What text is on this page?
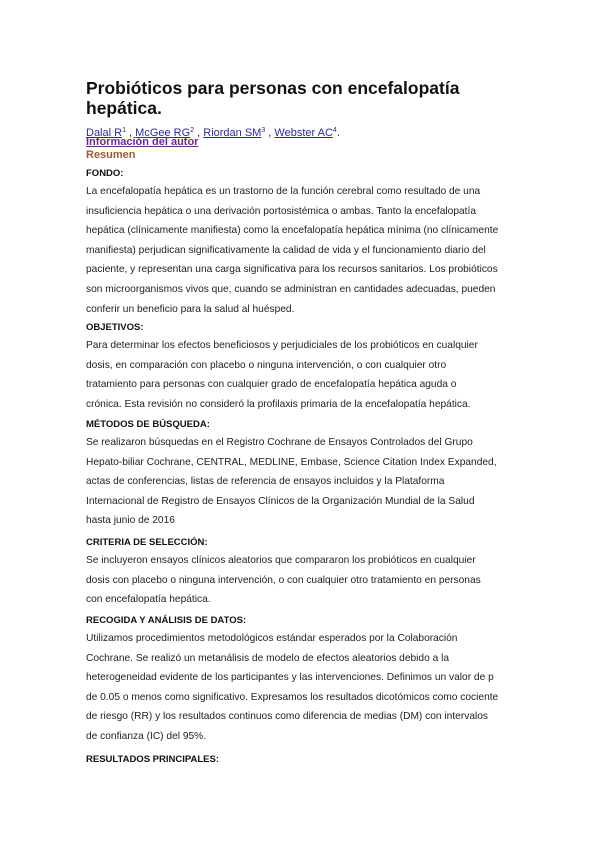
Probióticos para personas con encefalopatía
hepática.
Dalal $R^1$ , McGee $RG^2$ , Riordan $SM^3$ , Webster $AC^4$.
Información del autor
Resumen
FONDO:
La encefalopatía hepática es un trastorno de la función cerebral como resultado de una
insuficiencia hepática o una derivación portosistémica o ambas. Tanto la encefalopatía
hepática (clínicamente manifiesta) como la encefalopatía hepática mínima (no clínicamente
manifiesta) perjudican significativamente la calidad de vida y el funcionamiento diario del
paciente, y representan una carga significativa para los recursos sanitarios. Los probióticos
son microorganismos vivos que, cuando se administran en cantidades adecuadas, pueden
conferir un beneficio para la salud al huésped.
OBJETIVOS:
Para determinar los efectos beneficiosos y perjudiciales de los probióticos en cualquier
dosis, en comparación con placebo o ninguna intervención, o con cualquier otro
tratamiento para personas con cualquier grado de encefalopatía hepática aguda o
crónica. Esta revisión no consideró la profilaxis primaria de la encefalopatía hepática.
MÉTODOS DE BÚSQUEDA:
Se realizaron búsquedas en el Registro Cochrane de Ensayos Controlados del Grupo
Hepato-biliar Cochrane, CENTRAL, MEDLINE, Embase, Science Citation Index Expanded,
actas de conferencias, listas de referencia de ensayos incluidos y la Plataforma
Internacional de Registro de Ensayos Clínicos de la Organización Mundial de la Salud
hasta junio de 2016
CRITERIA DE SELECCIÓN:
Se incluyeron ensayos clínicos aleatorios que compararon los probióticos en cualquier
dosis con placebo o ninguna intervención, o con cualquier otro tratamiento en personas
con encefalopatía hepática.
RECOGIDA Y ANÁLISIS DE DATOS:
Utilizamos procedimientos metodológicos estándar esperados por la Colaboración
Cochrane. Se realizó un metanálisis de modelo de efectos aleatorios debido a la
heterogeneidad evidente de los participantes y las intervenciones. Definimos un valor de p
de 0.05 o menos como significativo. Expresamos los resultados dicotómicos como cociente
de riesgo (RR) y los resultados continuos como diferencia de medias (DM) con intervalos
de confianza (IC) del 95%.
RESULTADOS PRINCIPALES:
